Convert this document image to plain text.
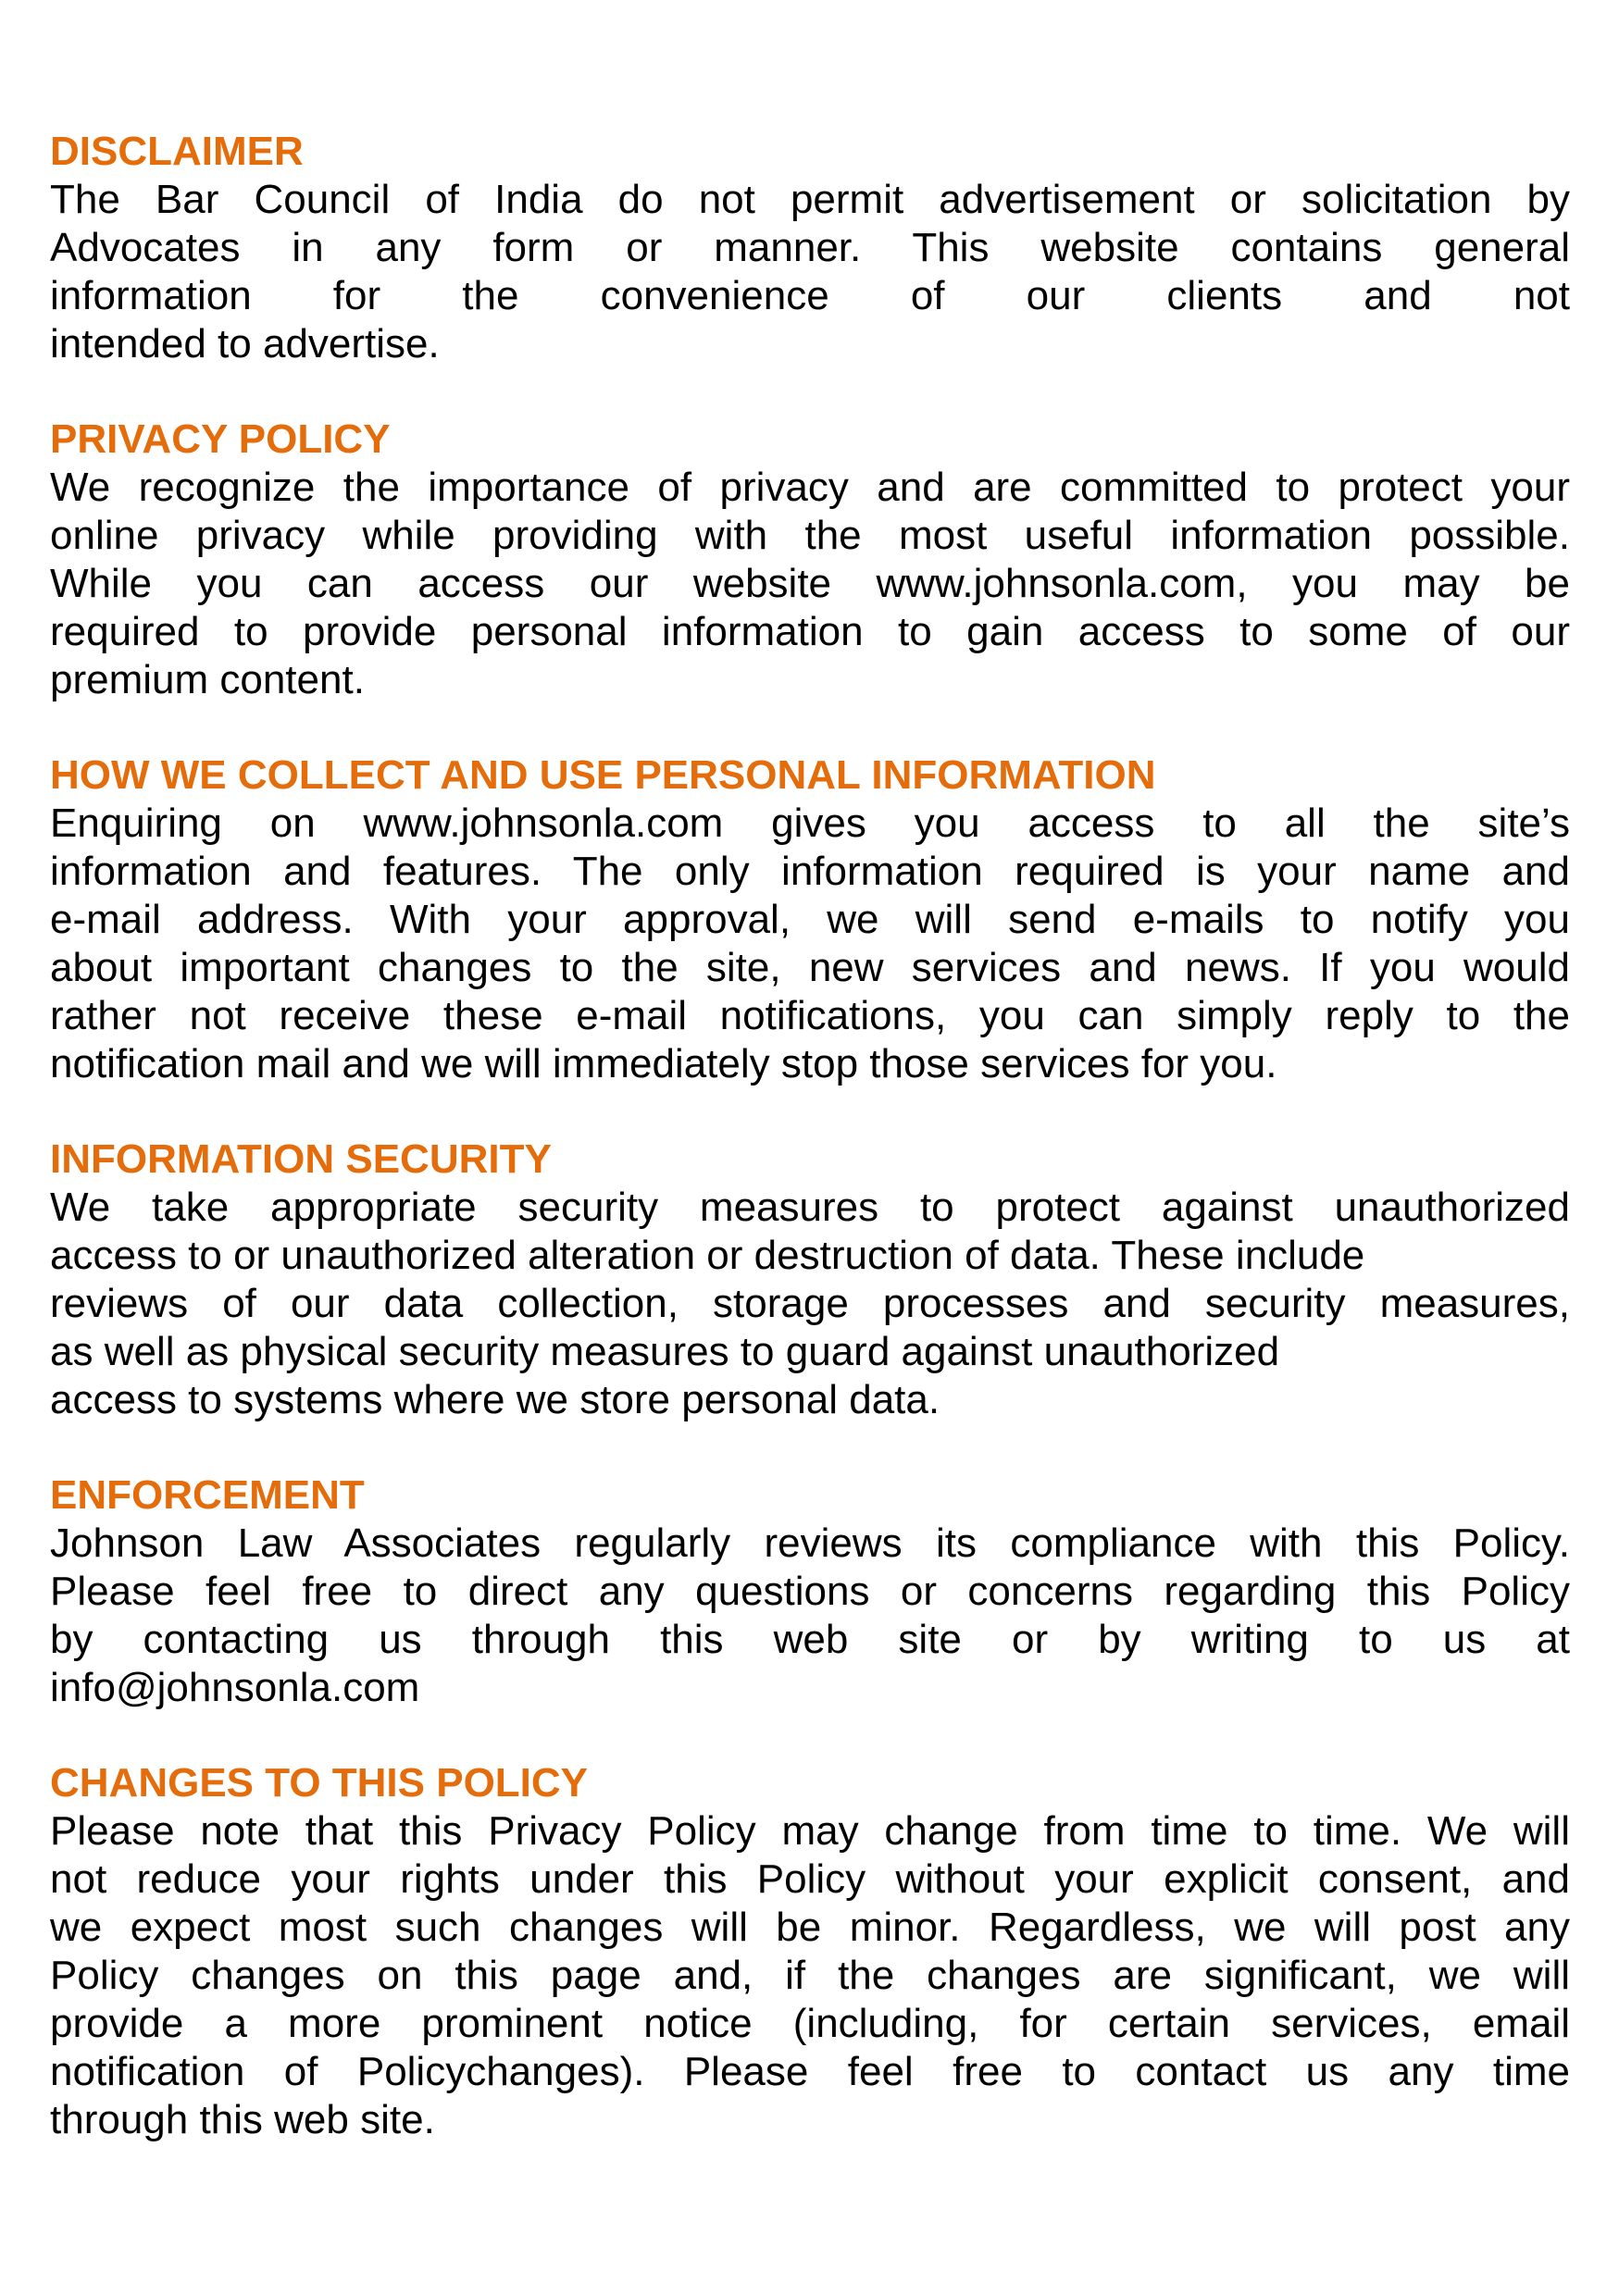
DISCLAIMER
The Bar Council of India do not permit advertisement or solicitation by
Advocates in any form or manner. This website contains general
information for the convenience of our clients and not
intended to advertise.
PRIVACY POLICY
We recognize the importance of privacy and are committed to protect your
online privacy while providing with the most useful information possible.
While you can access our website www.johnsonla.com, you may be
required to provide personal information to gain access to some of our
premium content.
HOW WE COLLECT AND USE PERSONAL INFORMATION
Enquiring on www.johnsonla.com gives you access to all the site’s
information and features. The only information required is your name and
e-mail address. With your approval, we will send e-mails to notify you
about important changes to the site, new services and news. If you would
rather not receive these e-mail notifications, you can simply reply to the
notification mail and we will immediately stop those services for you.
INFORMATION SECURITY
We take appropriate security measures to protect against unauthorized
access to or unauthorized alteration or destruction of data. These include
reviews of our data collection, storage processes and security measures,
as well as physical security measures to guard against unauthorized
access to systems where we store personal data.
ENFORCEMENT
Johnson Law Associates regularly reviews its compliance with this Policy.
Please feel free to direct any questions or concerns regarding this Policy
by contacting us through this web site or by writing to us at
info@johnsonla.com
CHANGES TO THIS POLICY
Please note that this Privacy Policy may change from time to time. We will
not reduce your rights under this Policy without your explicit consent, and
we expect most such changes will be minor. Regardless, we will post any
Policy changes on this page and, if the changes are significant, we will
provide a more prominent notice (including, for certain services, email
notification of Policychanges). Please feel free to contact us any time
through this web site.
